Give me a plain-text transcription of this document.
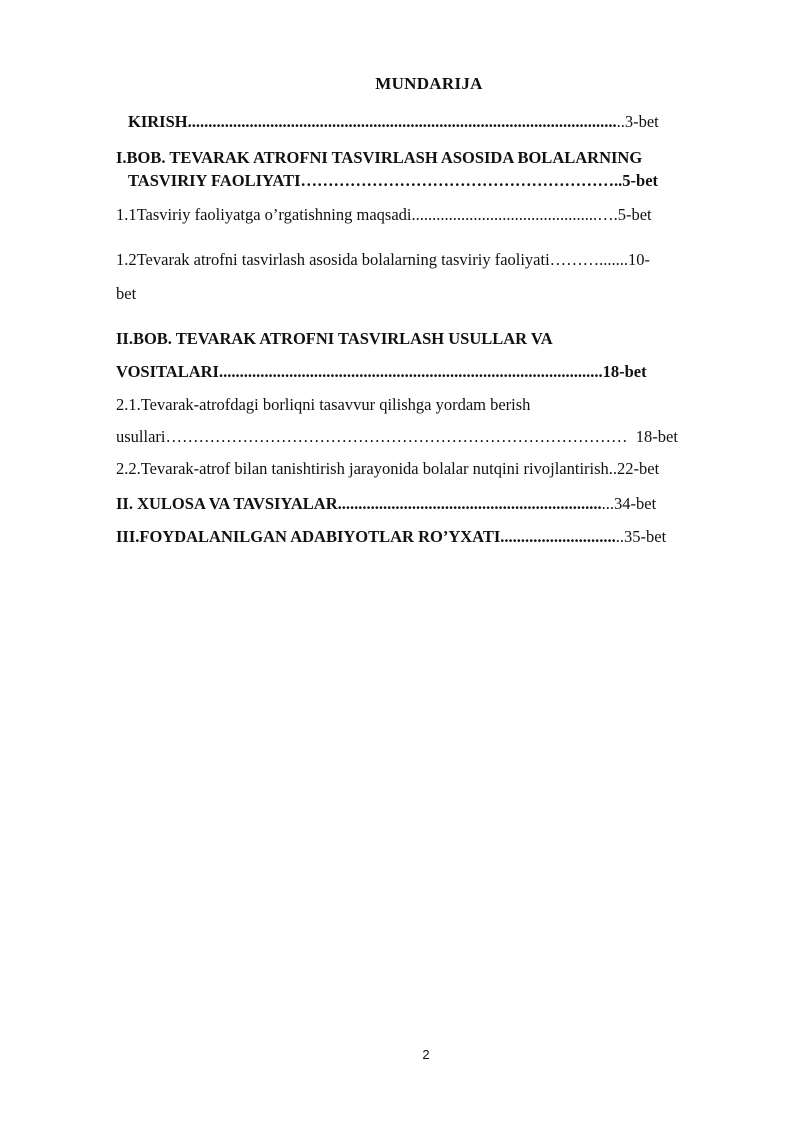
MUNDARIJA
KIRISH..........................................................................................................3-bet
I.BOB. TEVARAK ATROFNI TASVIRLASH ASOSIDA BOLALARNING
TASVIRIY FAOLIYATI…………………………………………………..5-bet
1.1Tasviriy faoliyatga o’rgatishning maqsadi.............................................….5-bet
1.2Tevarak atrofni tasvirlash asosida bolalarning tasviriy faoliyati……….......10-
bet
II.BOB. TEVARAK ATROFNI TASVIRLASH USULLAR VA
VOSITALARI.............................................................................................18-bet
2.1.Tevarak-atrofdagi borliqni tasavvur qilishga yordam berish
usullari………………………………………………………………………… 18-bet
2.2.Tevarak-atrof bilan tanishtirish jarayonida bolalar nutqini rivojlantirish..22-bet
II. XULOSA VA TAVSIYALAR...................................................................34-bet
III.FOYDALANILGAN ADABIYOTLAR RO’YXATI..............................35-bet
2
